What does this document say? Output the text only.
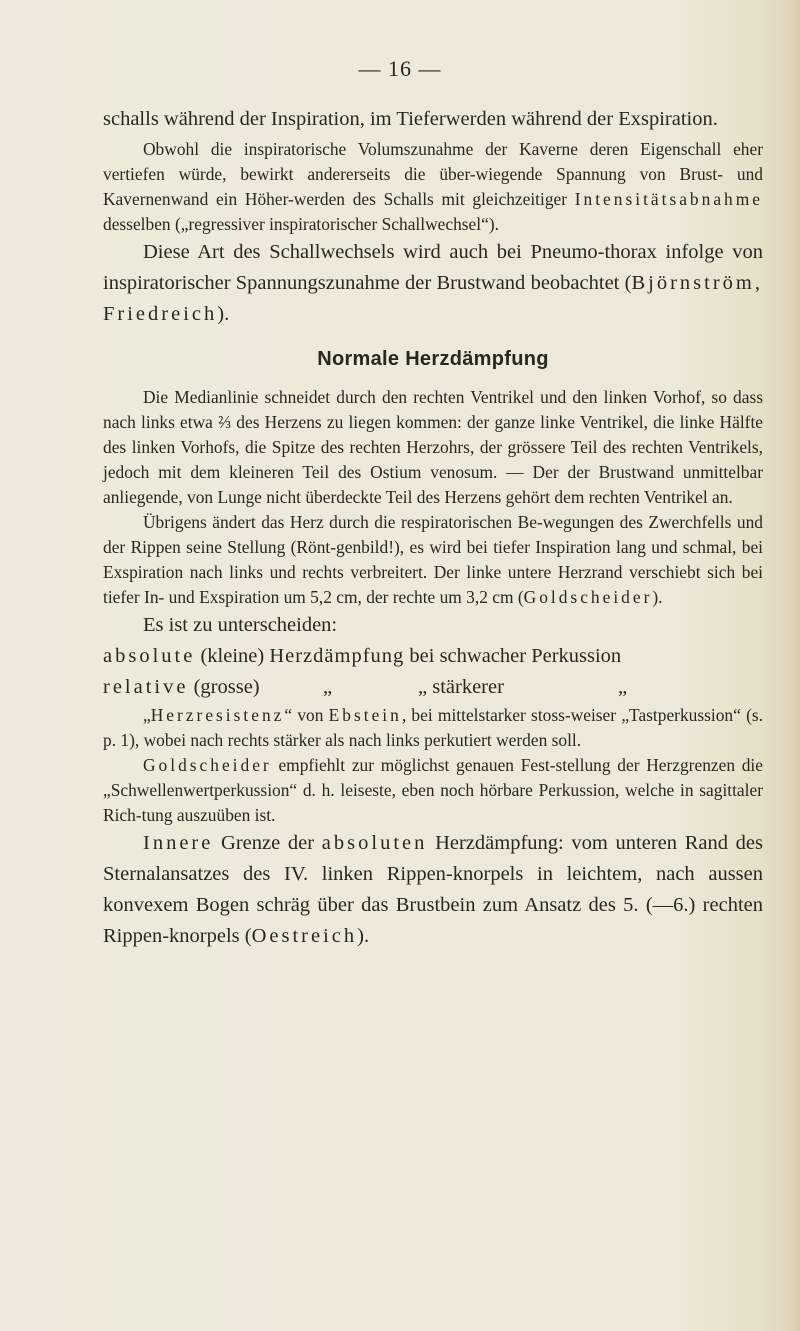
— 16 —

schalls während der Inspiration, im Tieferwerden während der Exspiration.

Obwohl die inspiratorische Volumszunahme der Kaverne deren Eigenschall eher vertiefen würde, bewirkt andererseits die über-wiegende Spannung von Brust- und Kavernenwand ein Höher-werden des Schalls mit gleichzeitiger Intensitätsabnahme desselben („regressiver inspiratorischer Schallwechsel“).

Diese Art des Schallwechsels wird auch bei Pneumo-thorax infolge von inspiratorischer Spannungszunahme der Brustwand beobachtet (Björnström, Friedreich).

Normale Herzdämpfung

Die Medianlinie schneidet durch den rechten Ventrikel und den linken Vorhof, so dass nach links etwa ⅔ des Herzens zu liegen kommen: der ganze linke Ventrikel, die linke Hälfte des linken Vorhofs, die Spitze des rechten Herzohrs, der grössere Teil des rechten Ventrikels, jedoch mit dem kleineren Teil des Ostium venosum. — Der der Brustwand unmittelbar anliegende, von Lunge nicht überdeckte Teil des Herzens gehört dem rechten Ventrikel an.

Übrigens ändert das Herz durch die respiratorischen Be-wegungen des Zwerchfells und der Rippen seine Stellung (Rönt-genbild!), es wird bei tiefer Inspiration lang und schmal, bei Exspiration nach links und rechts verbreitert. Der linke untere Herzrand verschiebt sich bei tiefer In- und Exspiration um 5,2 cm, der rechte um 3,2 cm (Goldscheider).

Es ist zu unterscheiden:

absolute (kleine) Herzdämpfung bei schwacher Perkussion
relative (grosse)	„	„ stärkerer	„

„Herzresistenz“ von Ebstein, bei mittelstarker stoss-weiser „Tastperkussion“ (s. p. 1), wobei nach rechts stärker als nach links perkutiert werden soll.

Goldscheider empfiehlt zur möglichst genauen Fest-stellung der Herzgrenzen die „Schwellenwertperkussion“ d. h. leiseste, eben noch hörbare Perkussion, welche in sagittaler Rich-tung auszuüben ist.

Innere Grenze der absoluten Herzdämpfung: vom unteren Rand des Sternalansatzes des IV. linken Rippen-knorpels in leichtem, nach aussen konvexem Bogen schräg über das Brustbein zum Ansatz des 5. (—6.) rechten Rippen-knorpels (Oestreich).
